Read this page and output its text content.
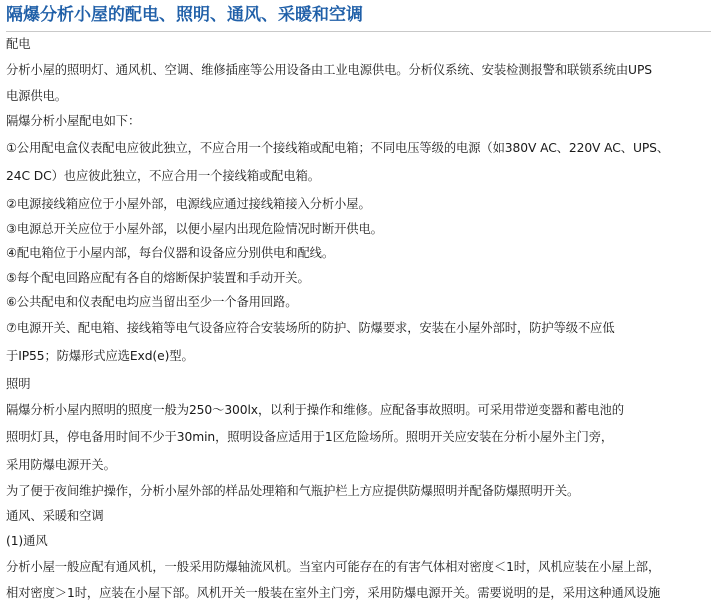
隔爆分析小屋的配电、照明、通风、采暖和空调

配电

分析小屋的照明灯、通风机、空调、维修插座等公用设备由工业电源供电。分析仪系统、安装检测报警和联锁系统由UPS

电源供电。

隔爆分析小屋配电如下：

①公用配电盒仪表配电应彼此独立，不应合用一个接线箱或配电箱；不同电压等级的电源（如380V AC、220V AC、UPS、

24C DC）也应彼此独立，不应合用一个接线箱或配电箱。

②电源接线箱应位于小屋外部，电源线应通过接线箱接入分析小屋。

③电源总开关应位于小屋外部，以便小屋内出现危险情况时断开供电。

④配电箱位于小屋内部，每台仪器和设备应分别供电和配线。

⑤每个配电回路应配有各自的熔断保护装置和手动开关。

⑥公共配电和仪表配电均应当留出至少一个备用回路。

⑦电源开关、配电箱、接线箱等电气设备应符合安装场所的防护、防爆要求，安装在小屋外部时，防护等级不应低

于IP55；防爆形式应选Exd(e)型。

照明

隔爆分析小屋内照明的照度一般为250～300lx，以利于操作和维修。应配备事故照明。可采用带逆变器和蓄电池的

照明灯具，停电备用时间不少于30min，照明设备应适用于1区危险场所。照明开关应安装在分析小屋外主门旁，

采用防爆电源开关。

为了便于夜间维护操作，分析小屋外部的样品处理箱和气瓶护栏上方应提供防爆照明并配备防爆照明开关。

通风、采暖和空调

(1)通风

分析小屋一般应配有通风机，一般采用防爆轴流风机。当室内可能存在的有害气体相对密度＜1时，风机应装在小屋上部，

相对密度＞1时，应装在小屋下部。风机开关一般装在室外主门旁，采用防爆电源开关。需要说明的是，采用这种通风设施
